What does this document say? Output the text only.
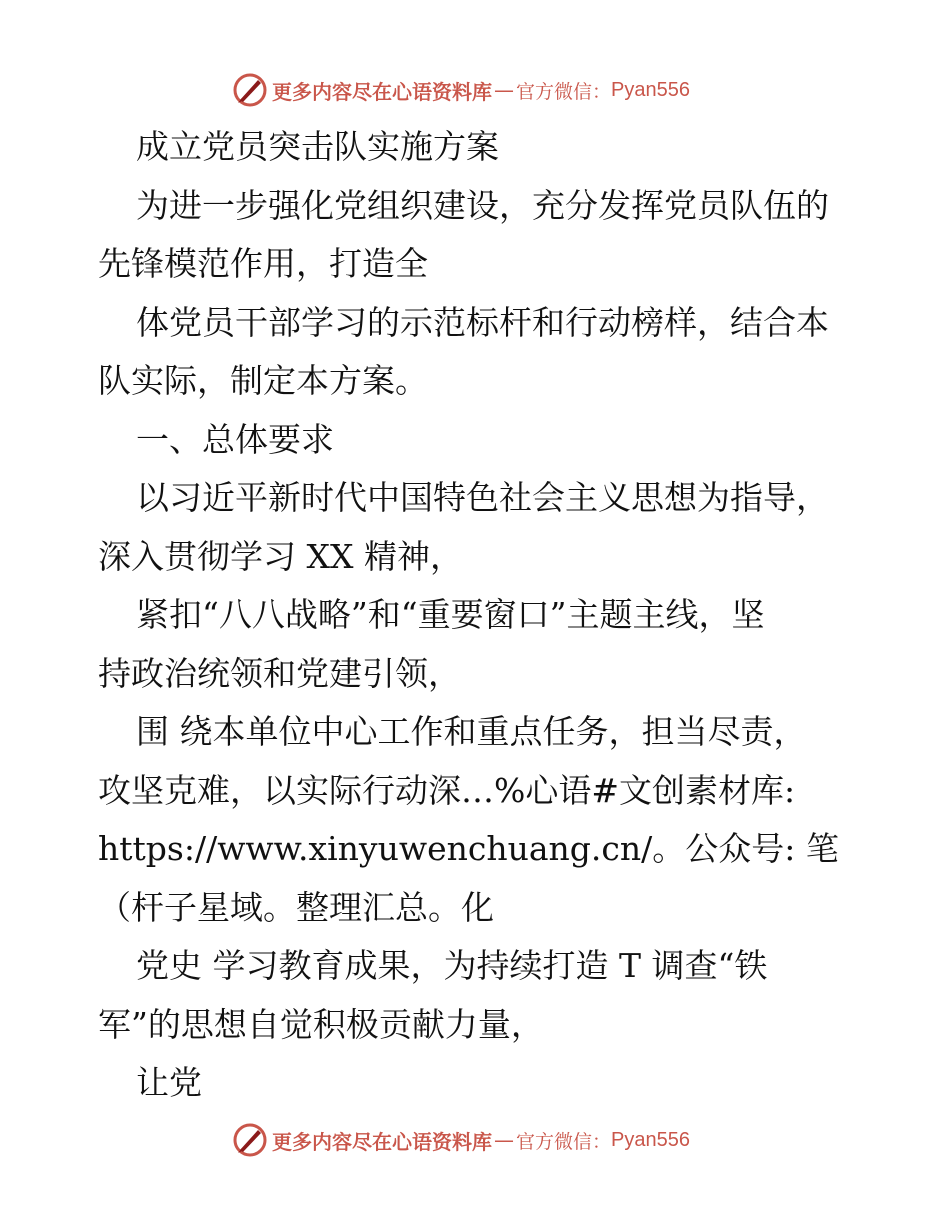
更多内容尽在心语资料库 — 官方微信： Pyan556

成立党员突击队实施方案

为进一步强化党组织建设，充分发挥党员队伍的

先锋模范作用，打造全

体党员干部学习的示范标杆和行动榜样，结合本

队实际，制定本方案。

一、总体要求

以习近平新时代中国特色社会主义思想为指导，

深入贯彻学习 XX 精神，

紧扣“八八战略”和“重要窗口”主题主线，坚

持政治统领和党建引领，

围 绕本单位中心工作和重点任务，担当尽责，

攻坚克难，以实际行动深…%心语#文创素材库:

https://www.xinyuwenchuang.cn/。公众号: 笔

（杆子星域。整理汇总。化

党史 学习教育成果，为持续打造 T 调查“铁

军”的思想自觉积极贡献力量，

让党

更多内容尽在心语资料库 — 官方微信： Pyan556
